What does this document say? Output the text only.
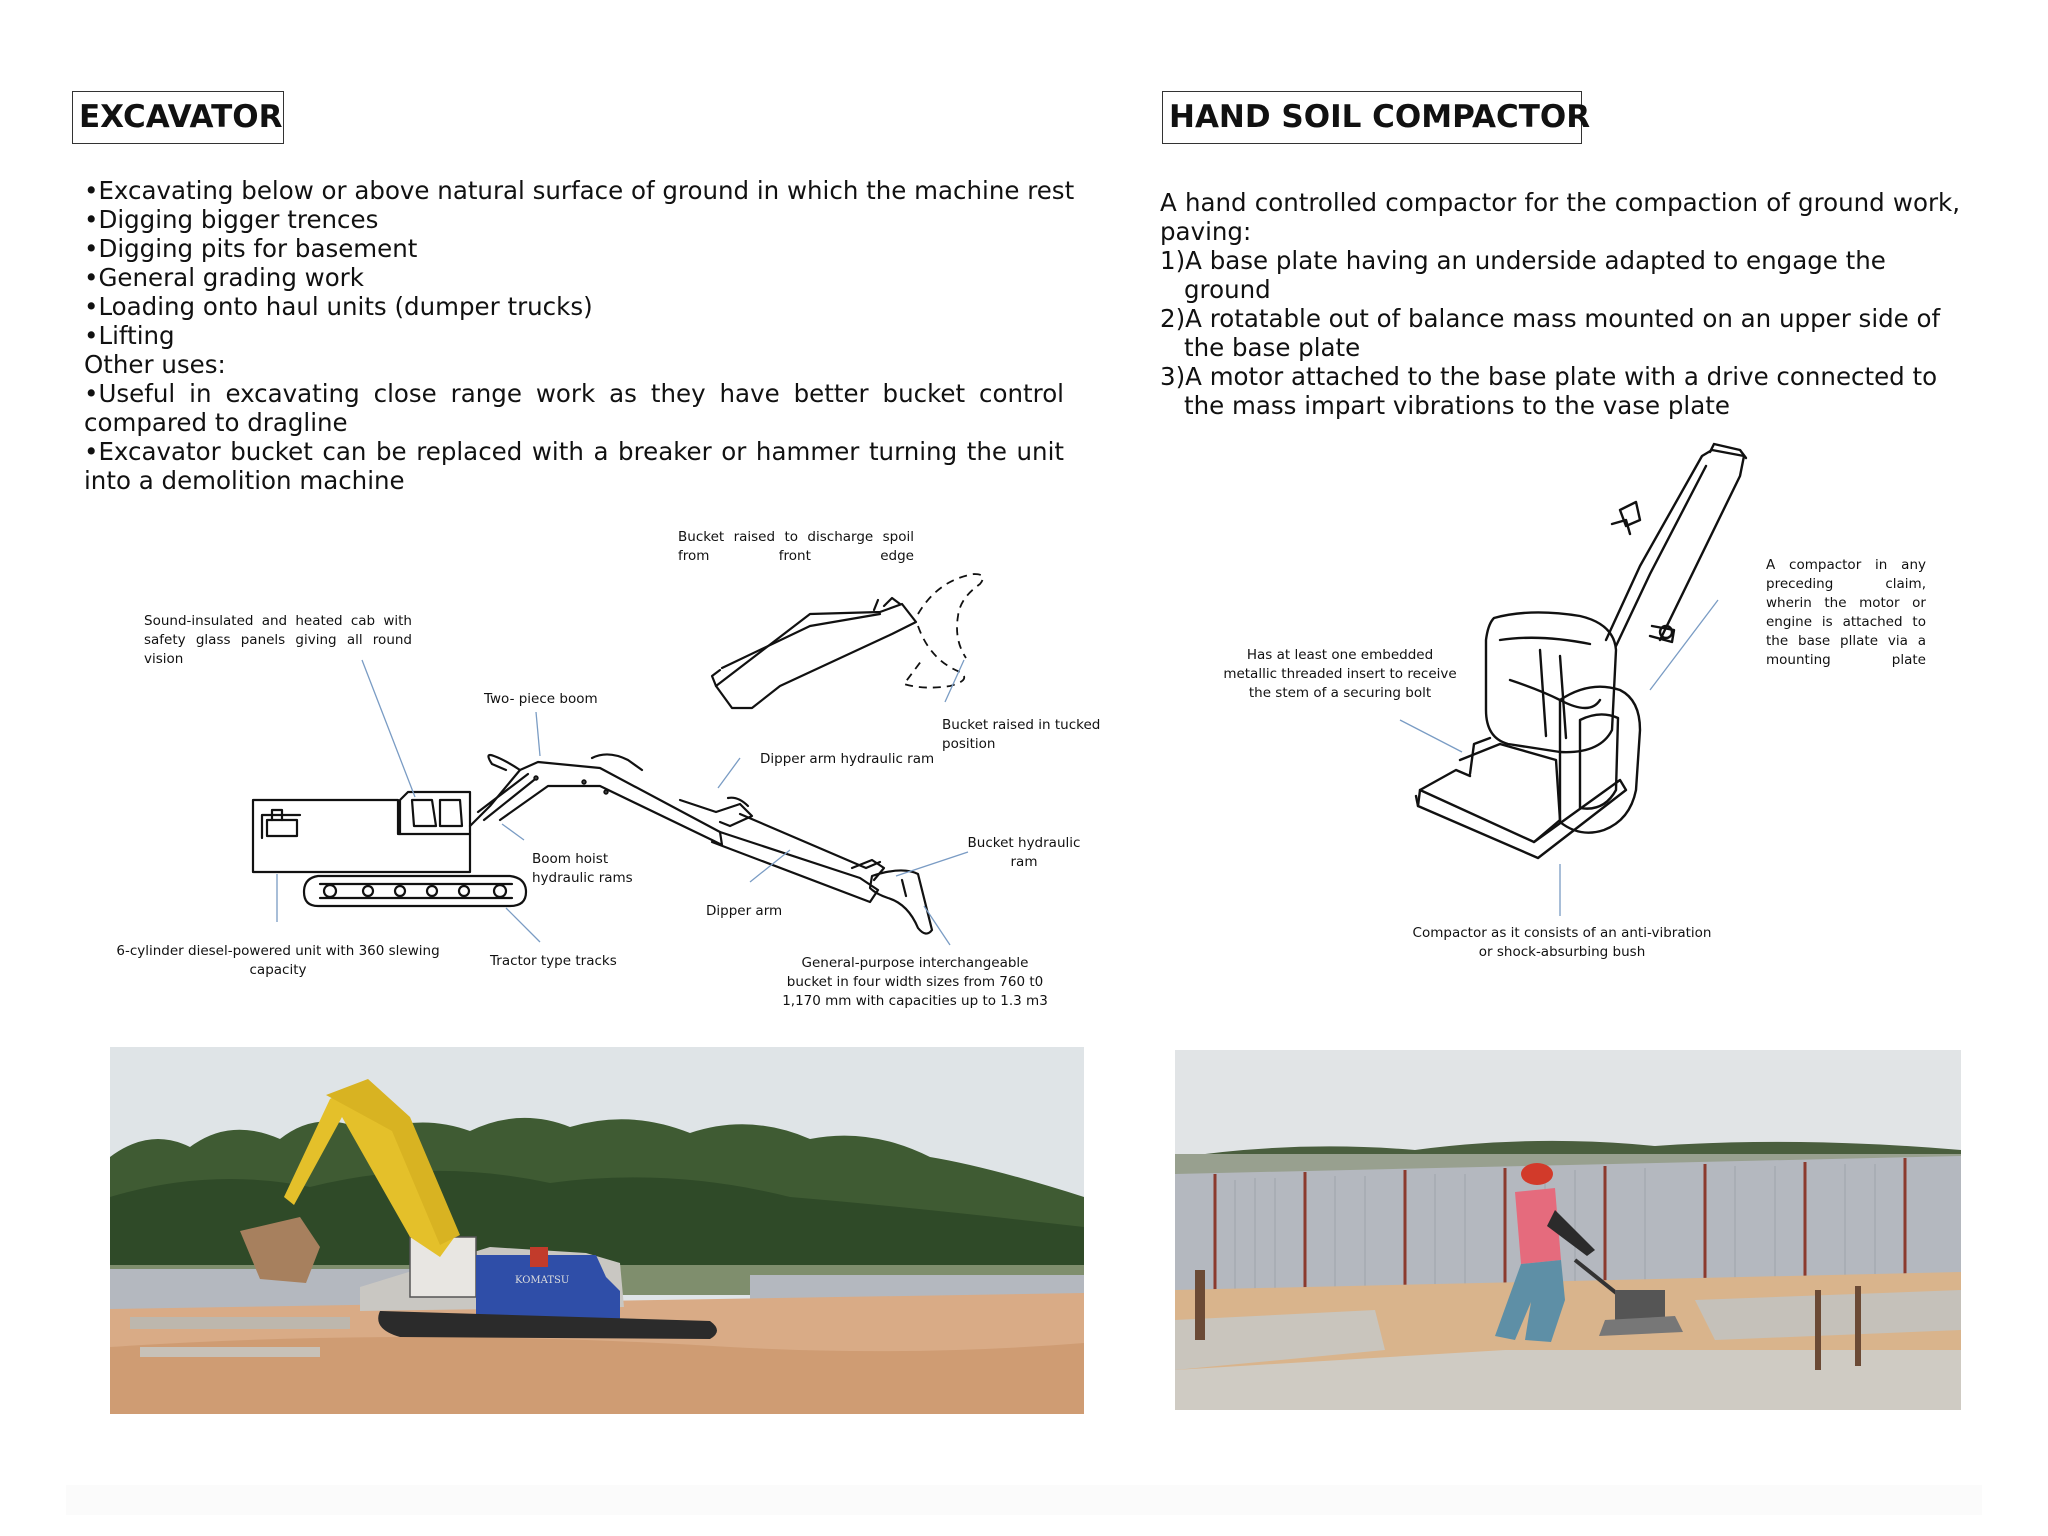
EXCAVATOR
•Excavating below or above natural surface of ground in which the machine rest
•Digging bigger trences
•Digging pits for basement
•General grading work
•Loading onto haul units (dumper trucks)
•Lifting
Other uses:
•Useful in excavating close range work as they have better bucket control compared to dragline
•Excavator bucket can be replaced with a breaker or hammer turning the unit into a demolition machine
Bucket raised to discharge spoil from front edge
Sound-insulated and heated cab with safety glass panels giving all round vision
Two- piece boom
Bucket raised in tucked position
Dipper arm hydraulic ram
Bucket hydraulic ram
Boom hoist hydraulic rams
Dipper arm
6-cylinder diesel-powered unit with 360 slewing capacity
Tractor type tracks	General-purpose interchangeable bucket in four width sizes from 760 t0 1,170 mm with capacities up to 1.3 m3
KOMATSU
HAND SOIL COMPACTOR
A hand controlled compactor for the compaction of ground work, paving:
1)A base plate having an underside adapted to engage the ground
2)A rotatable out of balance mass mounted on an upper side of the base plate
3)A motor attached to the base plate with a drive connected to the mass impart vibrations to the vase plate
Has at least one embedded metallic threaded insert to receive the stem of a securing bolt
A compactor in any preceding claim, wherin the motor or engine is attached to the base pllate via a mounting plate
Compactor as it consists of an anti-vibration or shock-absurbing bush
